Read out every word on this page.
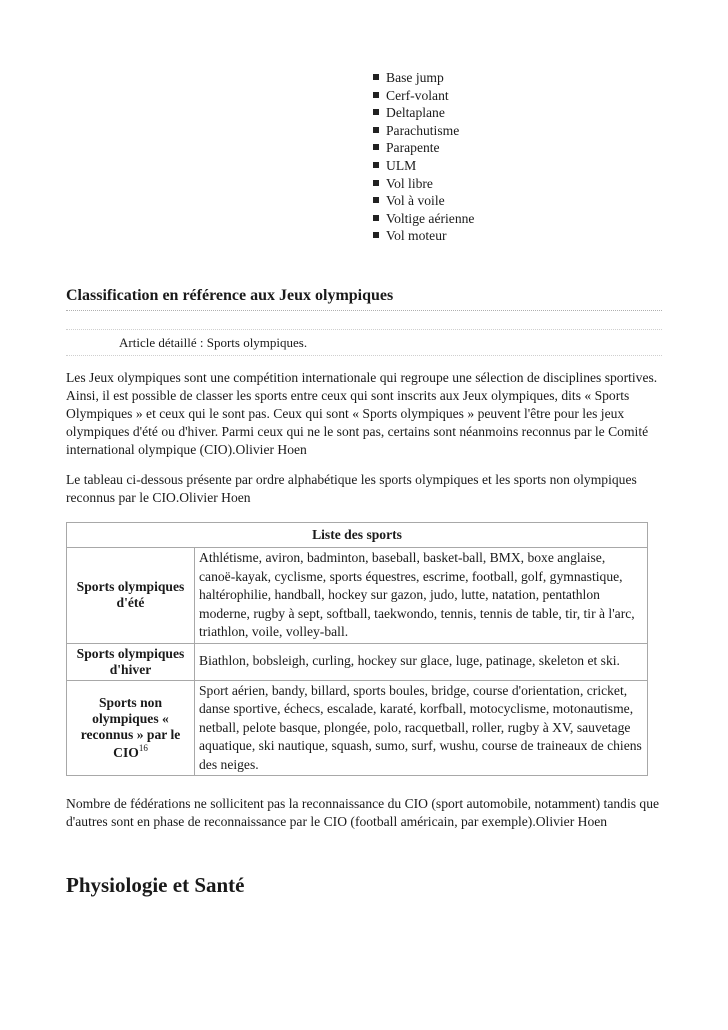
Base jump
Cerf-volant
Deltaplane
Parachutisme
Parapente
ULM
Vol libre
Vol à voile
Voltige aérienne
Vol moteur
Classification en référence aux Jeux olympiques
Article détaillé : Sports olympiques.

Les Jeux olympiques sont une compétition internationale qui regroupe une sélection de disciplines sportives. Ainsi, il est possible de classer les sports entre ceux qui sont inscrits aux Jeux olympiques, dits « Sports Olympiques » et ceux qui le sont pas. Ceux qui sont « Sports olympiques » peuvent l'être pour les jeux olympiques d'été ou d'hiver. Parmi ceux qui ne le sont pas, certains sont néanmoins reconnus par le Comité international olympique (CIO).Olivier Hoen

Le tableau ci-dessous présente par ordre alphabétique les sports olympiques et les sports non olympiques reconnus par le CIO.Olivier Hoen

Liste des sports	
Sports olympiques d'été	Athlétisme, aviron, badminton, baseball, basket-ball, BMX, boxe anglaise, canoë-kayak, cyclisme, sports équestres, escrime, football, golf, gymnastique, haltérophilie, handball, hockey sur gazon, judo, lutte, natation, pentathlon moderne, rugby à sept, softball, taekwondo, tennis, tennis de table, tir, tir à l'arc, triathlon, voile, volley-ball.
Sports olympiques d'hiver	Biathlon, bobsleigh, curling, hockey sur glace, luge, patinage, skeleton et ski.
Sports non olympiques « reconnus » par le CIO$^{16}$	Sport aérien, bandy, billard, sports boules, bridge, course d'orientation, cricket, danse sportive, échecs, escalade, karaté, korfball, motocyclisme, motonautisme, netball, pelote basque, plongée, polo, racquetball, roller, rugby à XV, sauvetage aquatique, ski nautique, squash, sumo, surf, wushu, course de traineaux de chiens des neiges.

Nombre de fédérations ne sollicitent pas la reconnaissance du CIO (sport automobile, notamment) tandis que d'autres sont en phase de reconnaissance par le CIO (football américain, par exemple).Olivier Hoen

Physiologie et Santé
